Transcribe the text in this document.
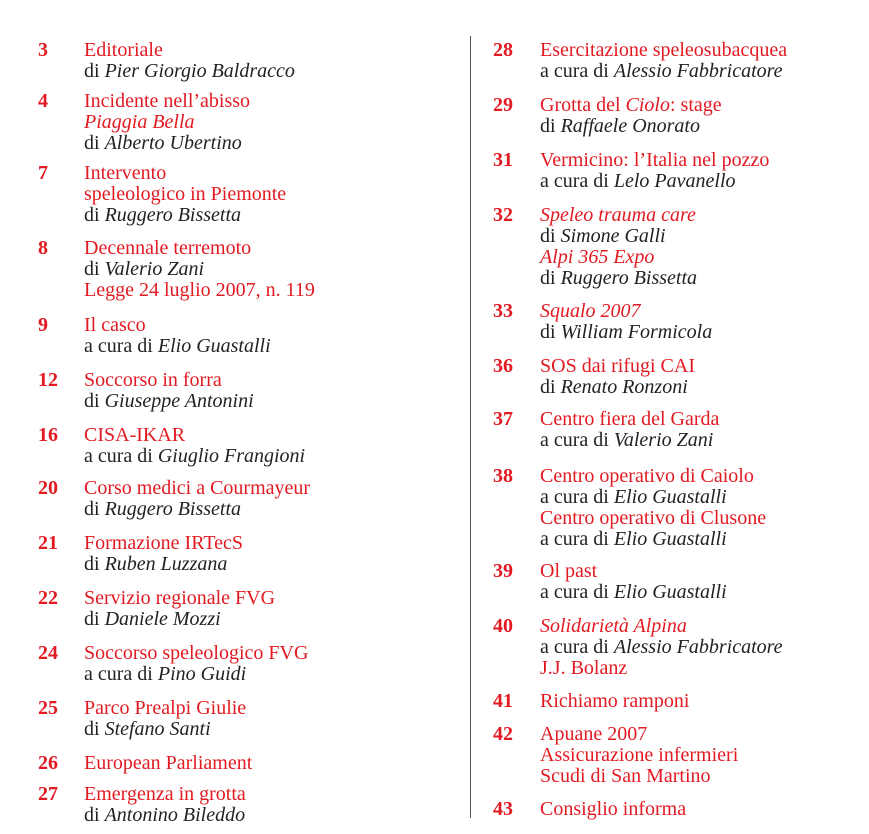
3 Editoriale
di Pier Giorgio Baldracco
4 Incidente nell’abisso
Piaggia Bella
di Alberto Ubertino
7 Intervento
speleologico in Piemonte
di Ruggero Bissetta
8 Decennale terremoto
di Valerio Zani
Legge 24 luglio 2007, n. 119
9 Il casco
a cura di Elio Guastalli
12 Soccorso in forra
di Giuseppe Antonini
16 CISA-IKAR
a cura di Giuglio Frangioni
20 Corso medici a Courmayeur
di Ruggero Bissetta
21 Formazione IRTecS
di Ruben Luzzana
22 Servizio regionale FVG
di Daniele Mozzi
24 Soccorso speleologico FVG
a cura di Pino Guidi
25 Parco Prealpi Giulie
di Stefano Santi
26 European Parliament
27 Emergenza in grotta
di Antonino Bileddo
28 Esercitazione speleosubacquea
a cura di Alessio Fabbricatore
29 Grotta del Ciolo: stage
di Raffaele Onorato
31 Vermicino: l’Italia nel pozzo
a cura di Lelo Pavanello
32 Speleo trauma care
di Simone Galli
Alpi 365 Expo
di Ruggero Bissetta
33 Squalo 2007
di William Formicola
36 SOS dai rifugi CAI
di Renato Ronzoni
37 Centro fiera del Garda
a cura di Valerio Zani
38 Centro operativo di Caiolo
a cura di Elio Guastalli
Centro operativo di Clusone
a cura di Elio Guastalli
39 Ol past
a cura di Elio Guastalli
40 Solidarietà Alpina
a cura di Alessio Fabbricatore
J.J. Bolanz
41 Richiamo ramponi
42 Apuane 2007
Assicurazione infermieri
Scudi di San Martino
43 Consiglio informa
